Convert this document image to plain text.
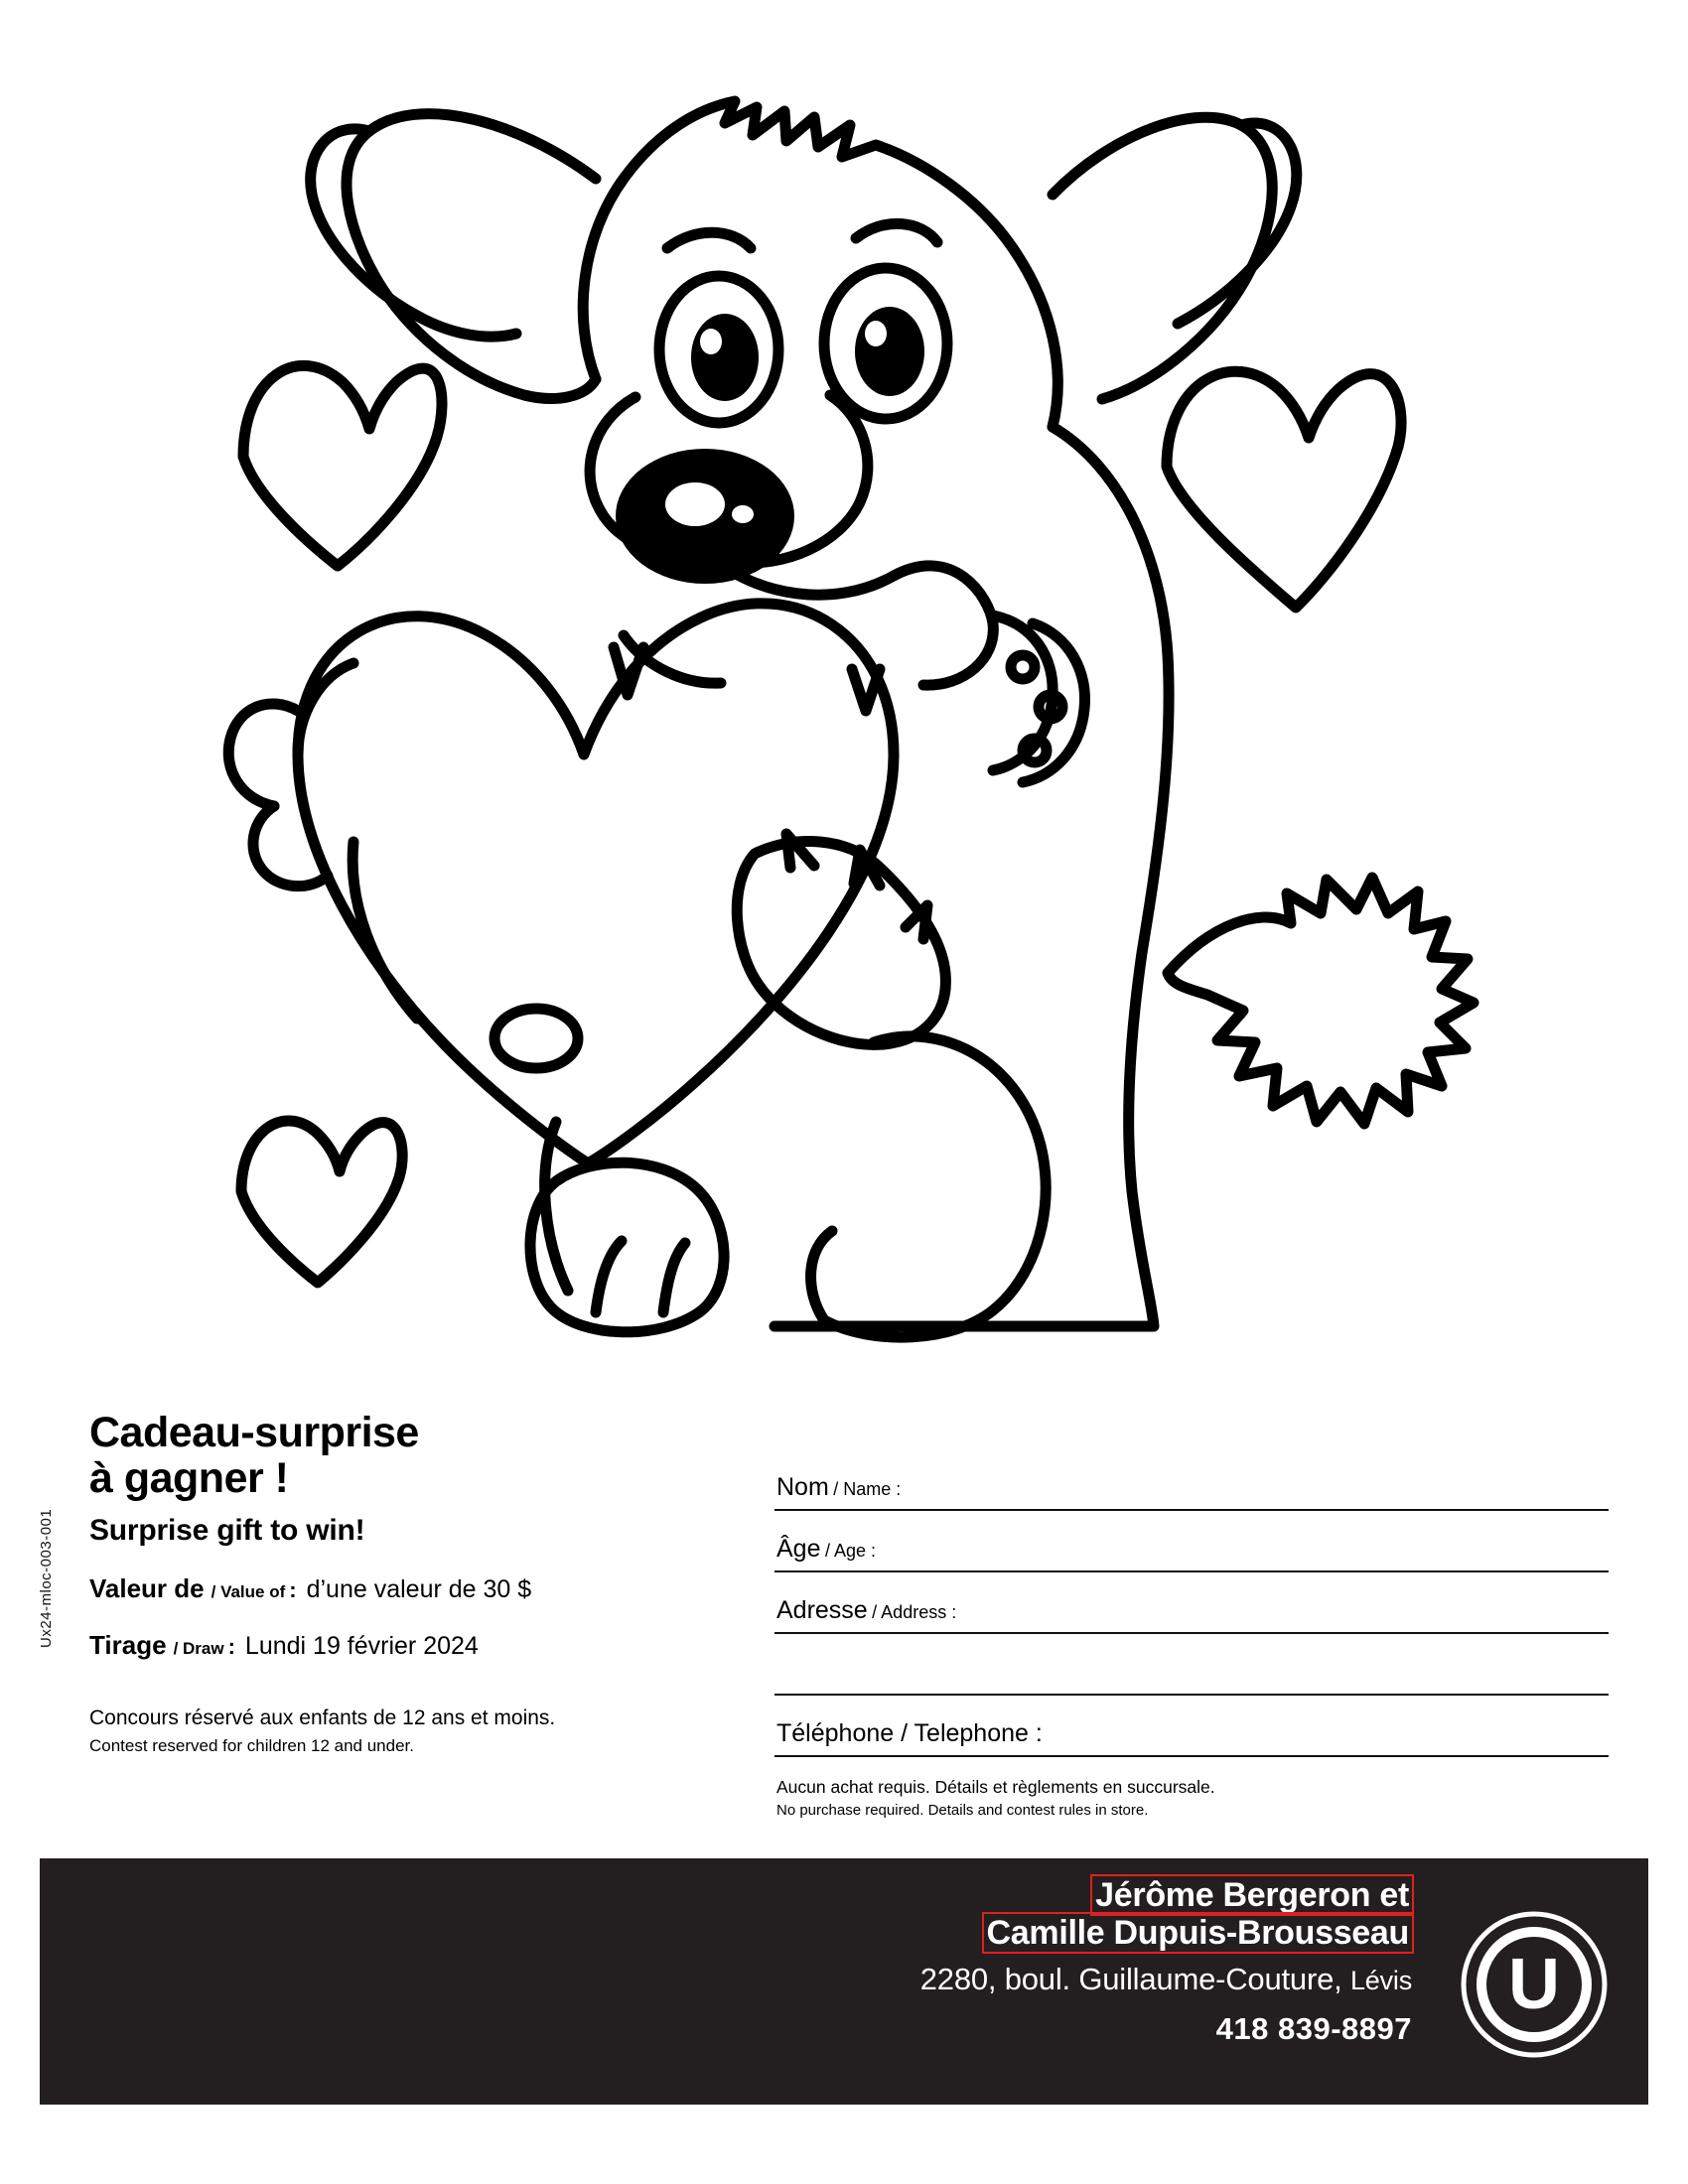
Ux24-mloc-003-001
Cadeau-surprise
à gagner !
Surprise gift to win!
Valeur de / Value of : d’une valeur de 30 $
Tirage / Draw : Lundi 19 février 2024
Concours réservé aux enfants de 12 ans et moins.
Contest reserved for children 12 and under.
Nom / Name :
Âge / Age :
Adresse / Address :
Téléphone / Telephone :
Aucun achat requis. Détails et règlements en succursale.
No purchase required. Details and contest rules in store.
Jérôme Bergeron et
Camille Dupuis-Brousseau
2280, boul. Guillaume-Couture, Lévis
418 839-8897
U
